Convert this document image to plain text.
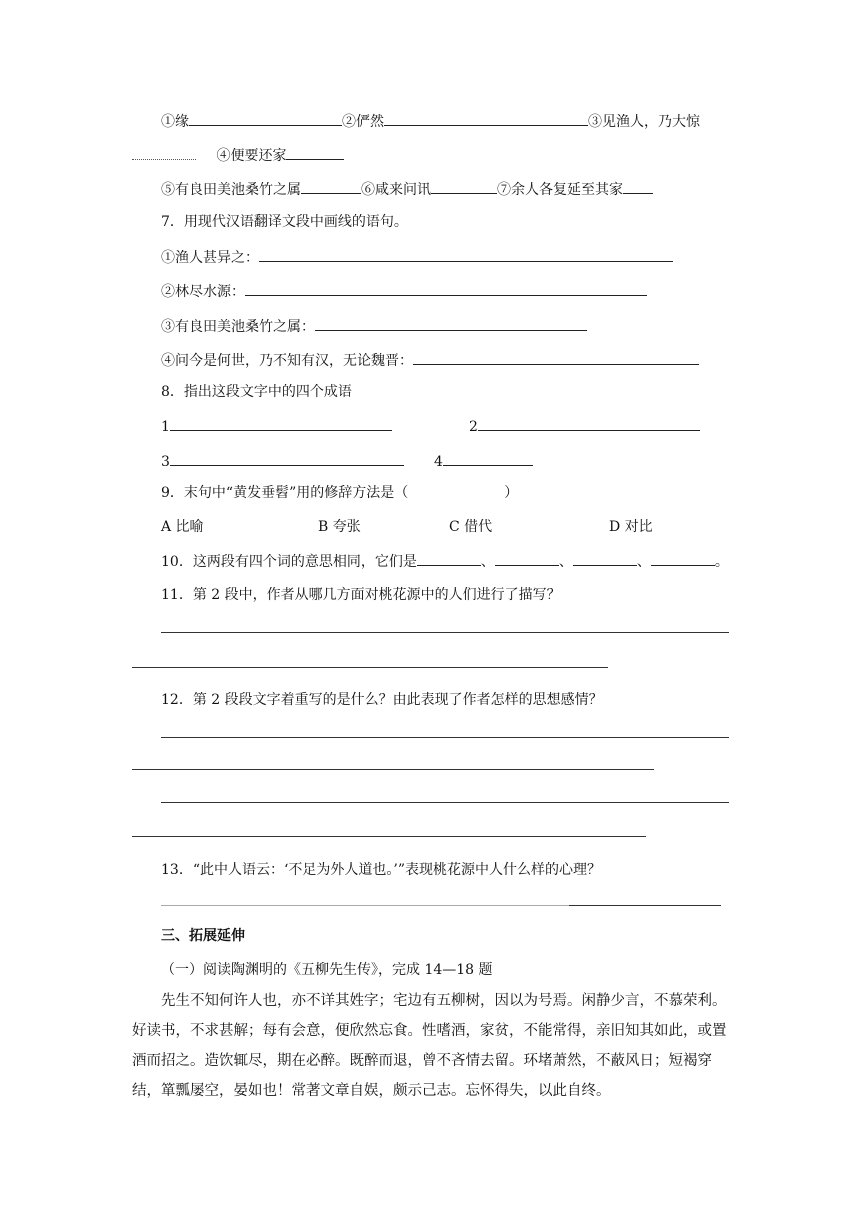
①缘	②俨然	③见渔人，乃大惊
④便要还家
⑤有良田美池桑竹之属	⑥咸来问讯	⑦余人各复延至其家
7．用现代汉语翻译文段中画线的语句。
①渔人甚异之：
②林尽水源：
③有良田美池桑竹之属：
④问今是何世，乃不知有汉，无论魏晋：
8．指出这段文字中的四个成语
1	2
3	4
9．末句中“黄发垂髫”用的修辞方法是（	）
A 比喻	B 夸张	C 借代	D 对比
10．这两段有四个词的意思相同，它们是	、	、	、	。
11．第 2 段中，作者从哪几方面对桃花源中的人们进行了描写？
12．第 2 段段文字着重写的是什么？由此表现了作者怎样的思想感情？
13．“此中人语云：‘不足为外人道也。’”表现桃花源中人什么样的心理？
三、拓展延伸
（一）阅读陶渊明的《五柳先生传》，完成 14—18 题
先生不知何许人也，亦不详其姓字；宅边有五柳树，因以为号焉。闲静少言，不慕荣利。好读书，不求甚解；每有会意，便欣然忘食。性嗜酒，家贫，不能常得，亲旧知其如此，或置酒而招之。造饮辄尽，期在必醉。既醉而退，曾不吝情去留。环堵萧然，不蔽风日；短褐穿结，箪瓢屡空，晏如也！常著文章自娱，颇示己志。忘怀得失，以此自终。
